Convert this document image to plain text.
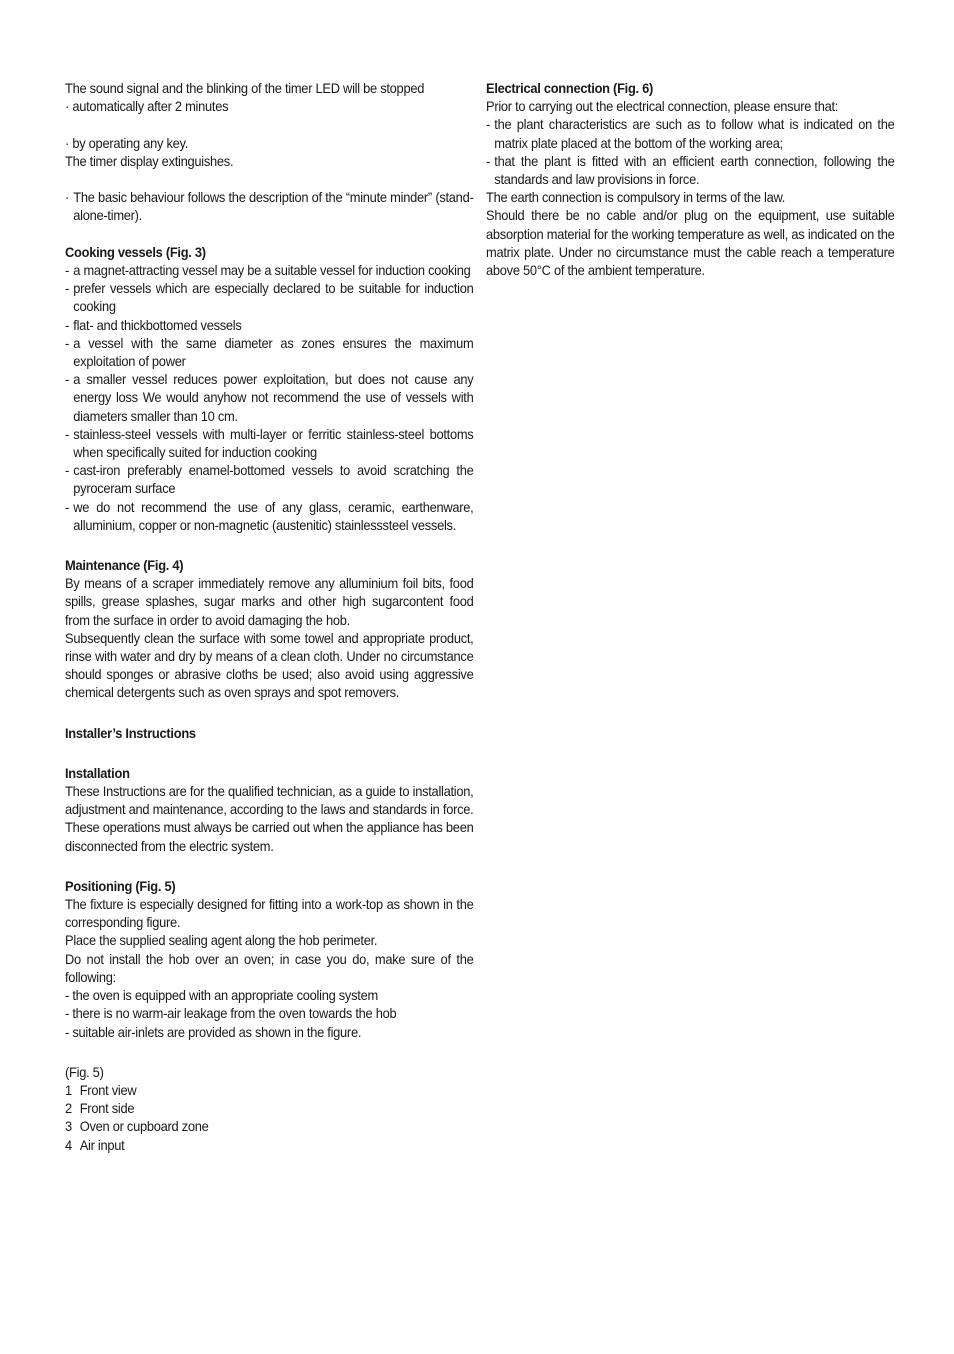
The sound signal and the blinking of the timer LED will be stopped

· automatically after 2 minutes

· by operating any key.

The timer display extinguishes.

· The basic behaviour follows the description of the “minute minder” (stand-alone-timer).

Cooking vessels (Fig. 3)

- a magnet-attracting vessel may be a suitable vessel for induction cooking
- prefer vessels which are especially declared to be suitable for induction cooking
- flat- and thickbottomed vessels
- a vessel with the same diameter as zones ensures the maximum exploitation of power
- a smaller vessel reduces power exploitation, but does not cause any energy loss We would anyhow not recommend the use of vessels with diameters smaller than 10 cm.
- stainless-steel vessels with multi-layer or ferritic stainless-steel bottoms when specifically suited for induction cooking
- cast-iron preferably enamel-bottomed vessels to avoid scratching the pyroceram surface
- we do not recommend the use of any glass, ceramic, earthenware, alluminium, copper or non-magnetic (austenitic) stainlesssteel vessels.

Maintenance (Fig. 4)

By means of a scraper immediately remove any alluminium foil bits, food spills, grease splashes, sugar marks and other high sugarcontent food from the surface in order to avoid damaging the hob.

Subsequently clean the surface with some towel and appropriate product, rinse with water and dry by means of a clean cloth. Under no circumstance should sponges or abrasive cloths be used; also avoid using aggressive chemical detergents such as oven sprays and spot removers.

Installer’s Instructions

Installation

These Instructions are for the qualified technician, as a guide to installation, adjustment and maintenance, according to the laws and standards in force. These operations must always be carried out when the appliance has been disconnected from the electric system.

Positioning (Fig. 5)

The fixture is especially designed for fitting into a work-top as shown in the corresponding figure.

Place the supplied sealing agent along the hob perimeter.

Do not install the hob over an oven; in case you do, make sure of the following:

- the oven is equipped with an appropriate cooling system

- there is no warm-air leakage from the oven towards the hob

- suitable air-inlets are provided as shown in the figure.

(Fig. 5)

1 Front view
2 Front side
3 Oven or cupboard zone
4 Air input

Electrical connection (Fig. 6)

Prior to carrying out the electrical connection, please ensure that:

- the plant characteristics are such as to follow what is indicated on the matrix plate placed at the bottom of the working area;
- that the plant is fitted with an efficient earth connection, following the standards and law provisions in force.

The earth connection is compulsory in terms of the law.

Should there be no cable and/or plug on the equipment, use suitable absorption material for the working temperature as well, as indicated on the matrix plate. Under no circumstance must the cable reach a temperature above 50°C of the ambient temperature.
